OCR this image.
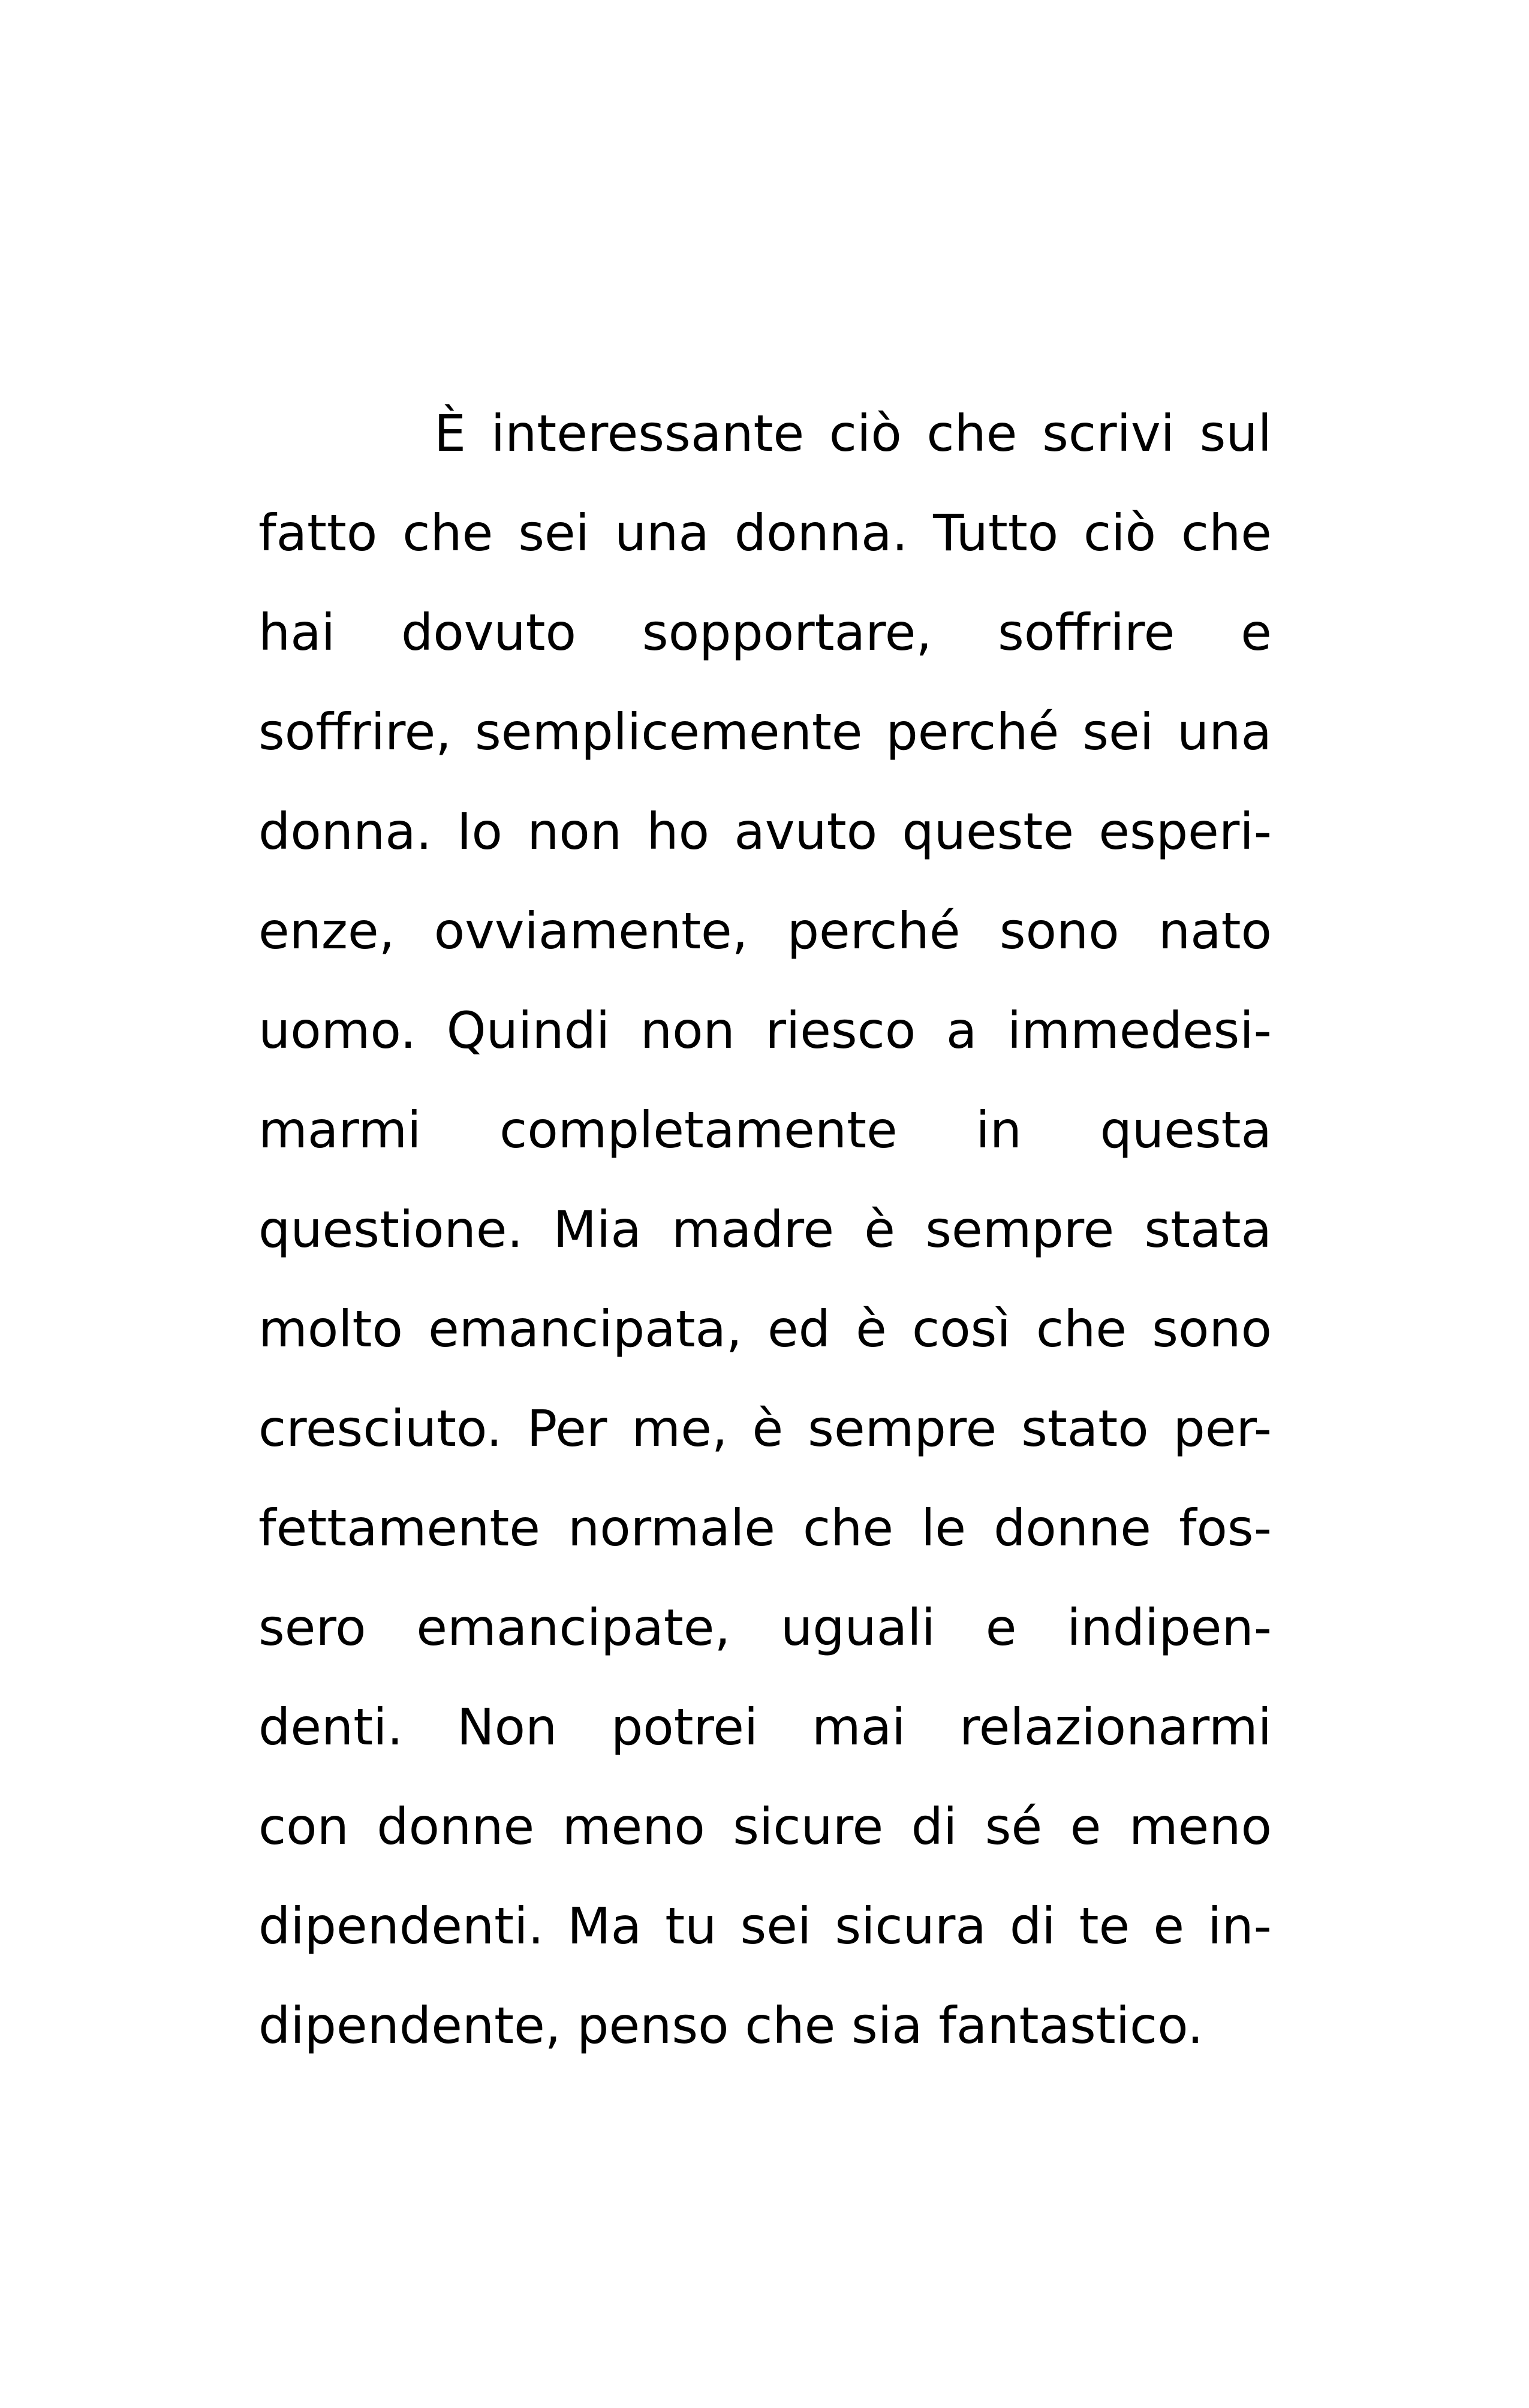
È interessante ciò che scrivi sul
fatto che sei una donna. Tutto ciò che
hai dovuto sopportare, soffrire e
soffrire, semplicemente perché sei una
donna. Io non ho avuto queste esperi-
enze, ovviamente, perché sono nato
uomo. Quindi non riesco a immedesi-
marmi completamente in questa
questione. Mia madre è sempre stata
molto emancipata, ed è così che sono
cresciuto. Per me, è sempre stato per-
fettamente normale che le donne fos-
sero emancipate, uguali e indipen-
denti. Non potrei mai relazionarmi
con donne meno sicure di sé e meno
dipendenti. Ma tu sei sicura di te e in-
dipendente, penso che sia fantastico.
